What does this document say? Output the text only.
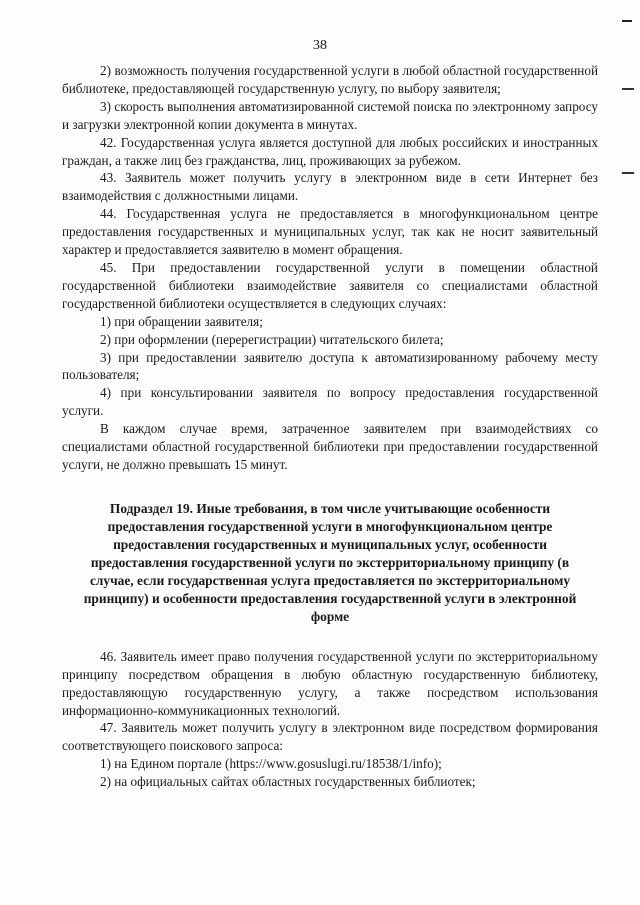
38

2) возможность получения государственной услуги в любой областной государственной библиотеке, предоставляющей государственную услугу, по выбору заявителя;

3) скорость выполнения автоматизированной системой поиска по электронному запросу и загрузки электронной копии документа в минутах.

42. Государственная услуга является доступной для любых российских и иностранных граждан, а также лиц без гражданства, лиц, проживающих за рубежом.

43. Заявитель может получить услугу в электронном виде в сети Интернет без взаимодействия с должностными лицами.

44. Государственная услуга не предоставляется в многофункциональном центре предоставления государственных и муниципальных услуг, так как не носит заявительный характер и предоставляется заявителю в момент обращения.

45. При предоставлении государственной услуги в помещении областной государственной библиотеки взаимодействие заявителя со специалистами областной государственной библиотеки осуществляется в следующих случаях:

1) при обращении заявителя;

2) при оформлении (перерегистрации) читательского билета;

3) при предоставлении заявителю доступа к автоматизированному рабочему месту пользователя;

4) при консультировании заявителя по вопросу предоставления государственной услуги.

В каждом случае время, затраченное заявителем при взаимодействиях со специалистами областной государственной библиотеки при предоставлении государственной услуги, не должно превышать 15 минут.

Подраздел 19. Иные требования, в том числе учитывающие особенности предоставления государственной услуги в многофункциональном центре предоставления государственных и муниципальных услуг, особенности предоставления государственной услуги по экстерриториальному принципу (в случае, если государственная услуга предоставляется по экстерриториальному принципу) и особенности предоставления государственной услуги в электронной форме

46. Заявитель имеет право получения государственной услуги по экстерриториальному принципу посредством обращения в любую областную государственную библиотеку, предоставляющую государственную услугу, а также посредством использования информационно-коммуникационных технологий.

47. Заявитель может получить услугу в электронном виде посредством формирования соответствующего поискового запроса:

1) на Едином портале (https://www.gosuslugi.ru/18538/1/info);

2) на официальных сайтах областных государственных библиотек;
